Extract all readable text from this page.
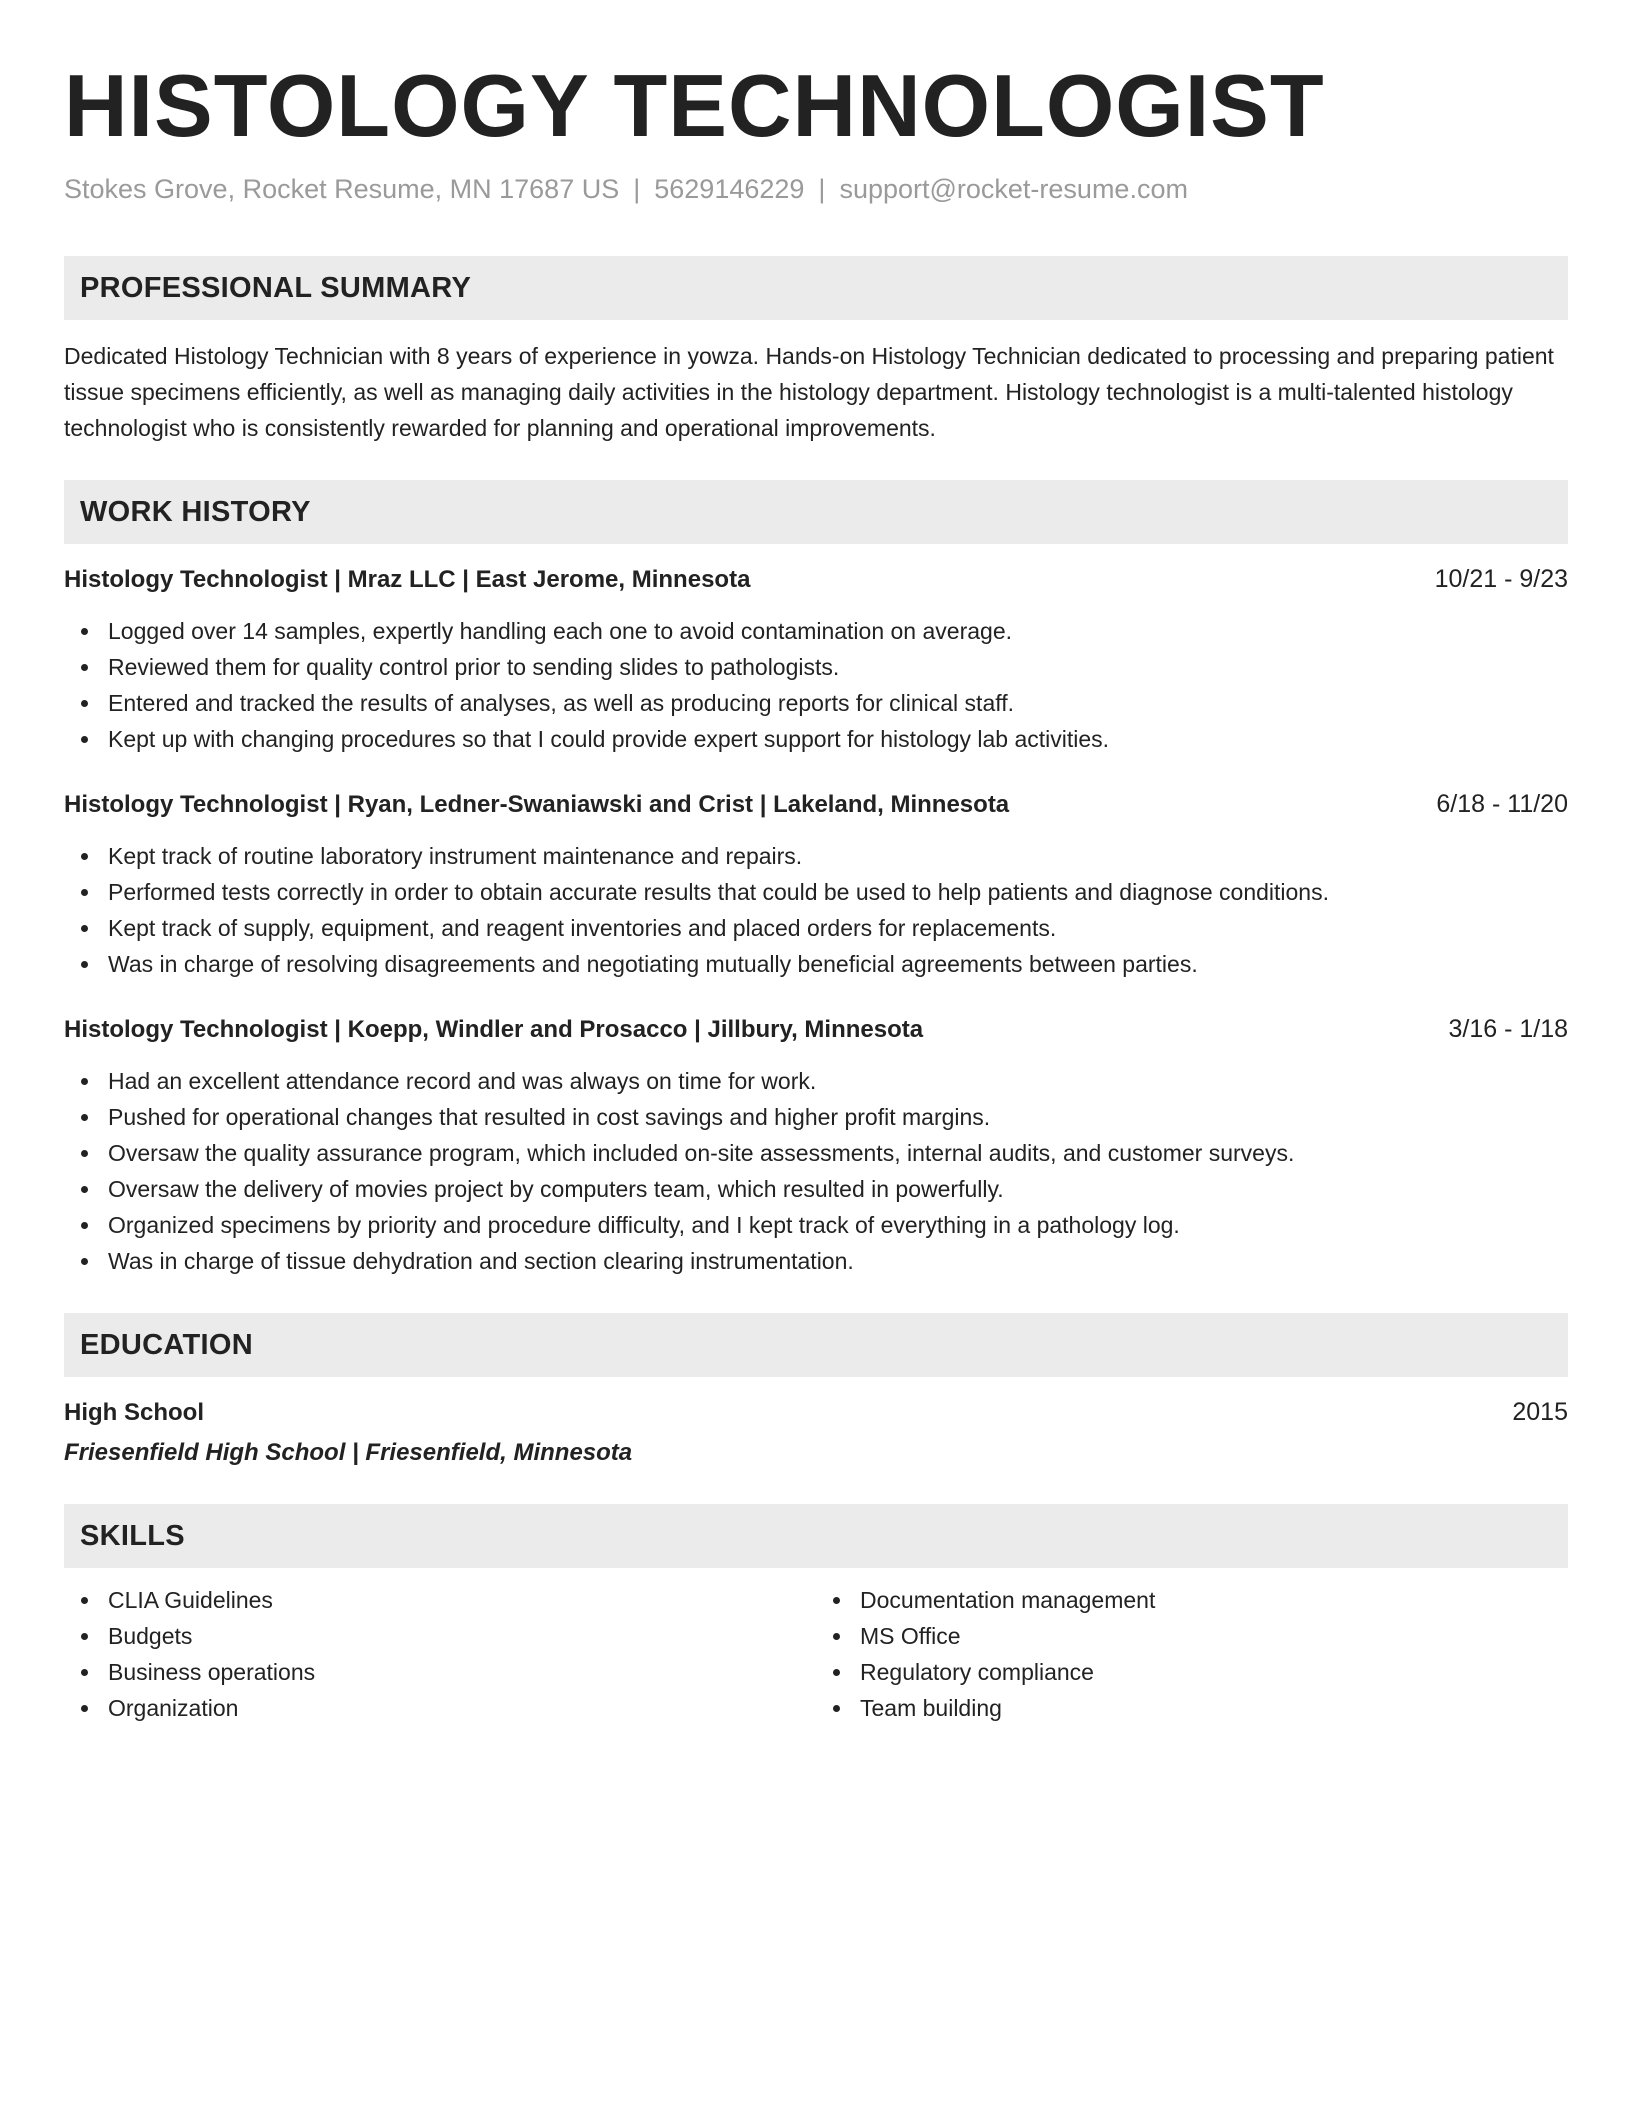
HISTOLOGY TECHNOLOGIST
Stokes Grove, Rocket Resume, MN 17687 US | 5629146229 | support@rocket-resume.com
PROFESSIONAL SUMMARY
Dedicated Histology Technician with 8 years of experience in yowza. Hands-on Histology Technician dedicated to processing and preparing patient tissue specimens efficiently, as well as managing daily activities in the histology department. Histology technologist is a multi-talented histology technologist who is consistently rewarded for planning and operational improvements.
WORK HISTORY
Histology Technologist | Mraz LLC | East Jerome, Minnesota	10/21 - 9/23
Logged over 14 samples, expertly handling each one to avoid contamination on average.
Reviewed them for quality control prior to sending slides to pathologists.
Entered and tracked the results of analyses, as well as producing reports for clinical staff.
Kept up with changing procedures so that I could provide expert support for histology lab activities.
Histology Technologist | Ryan, Ledner-Swaniawski and Crist | Lakeland, Minnesota	6/18 - 11/20
Kept track of routine laboratory instrument maintenance and repairs.
Performed tests correctly in order to obtain accurate results that could be used to help patients and diagnose conditions.
Kept track of supply, equipment, and reagent inventories and placed orders for replacements.
Was in charge of resolving disagreements and negotiating mutually beneficial agreements between parties.
Histology Technologist | Koepp, Windler and Prosacco | Jillbury, Minnesota	3/16 - 1/18
Had an excellent attendance record and was always on time for work.
Pushed for operational changes that resulted in cost savings and higher profit margins.
Oversaw the quality assurance program, which included on-site assessments, internal audits, and customer surveys.
Oversaw the delivery of movies project by computers team, which resulted in powerfully.
Organized specimens by priority and procedure difficulty, and I kept track of everything in a pathology log.
Was in charge of tissue dehydration and section clearing instrumentation.
EDUCATION
High School	2015
Friesenfield High School | Friesenfield, Minnesota
SKILLS
CLIA Guidelines
Budgets
Business operations
Organization
Documentation management
MS Office
Regulatory compliance
Team building
